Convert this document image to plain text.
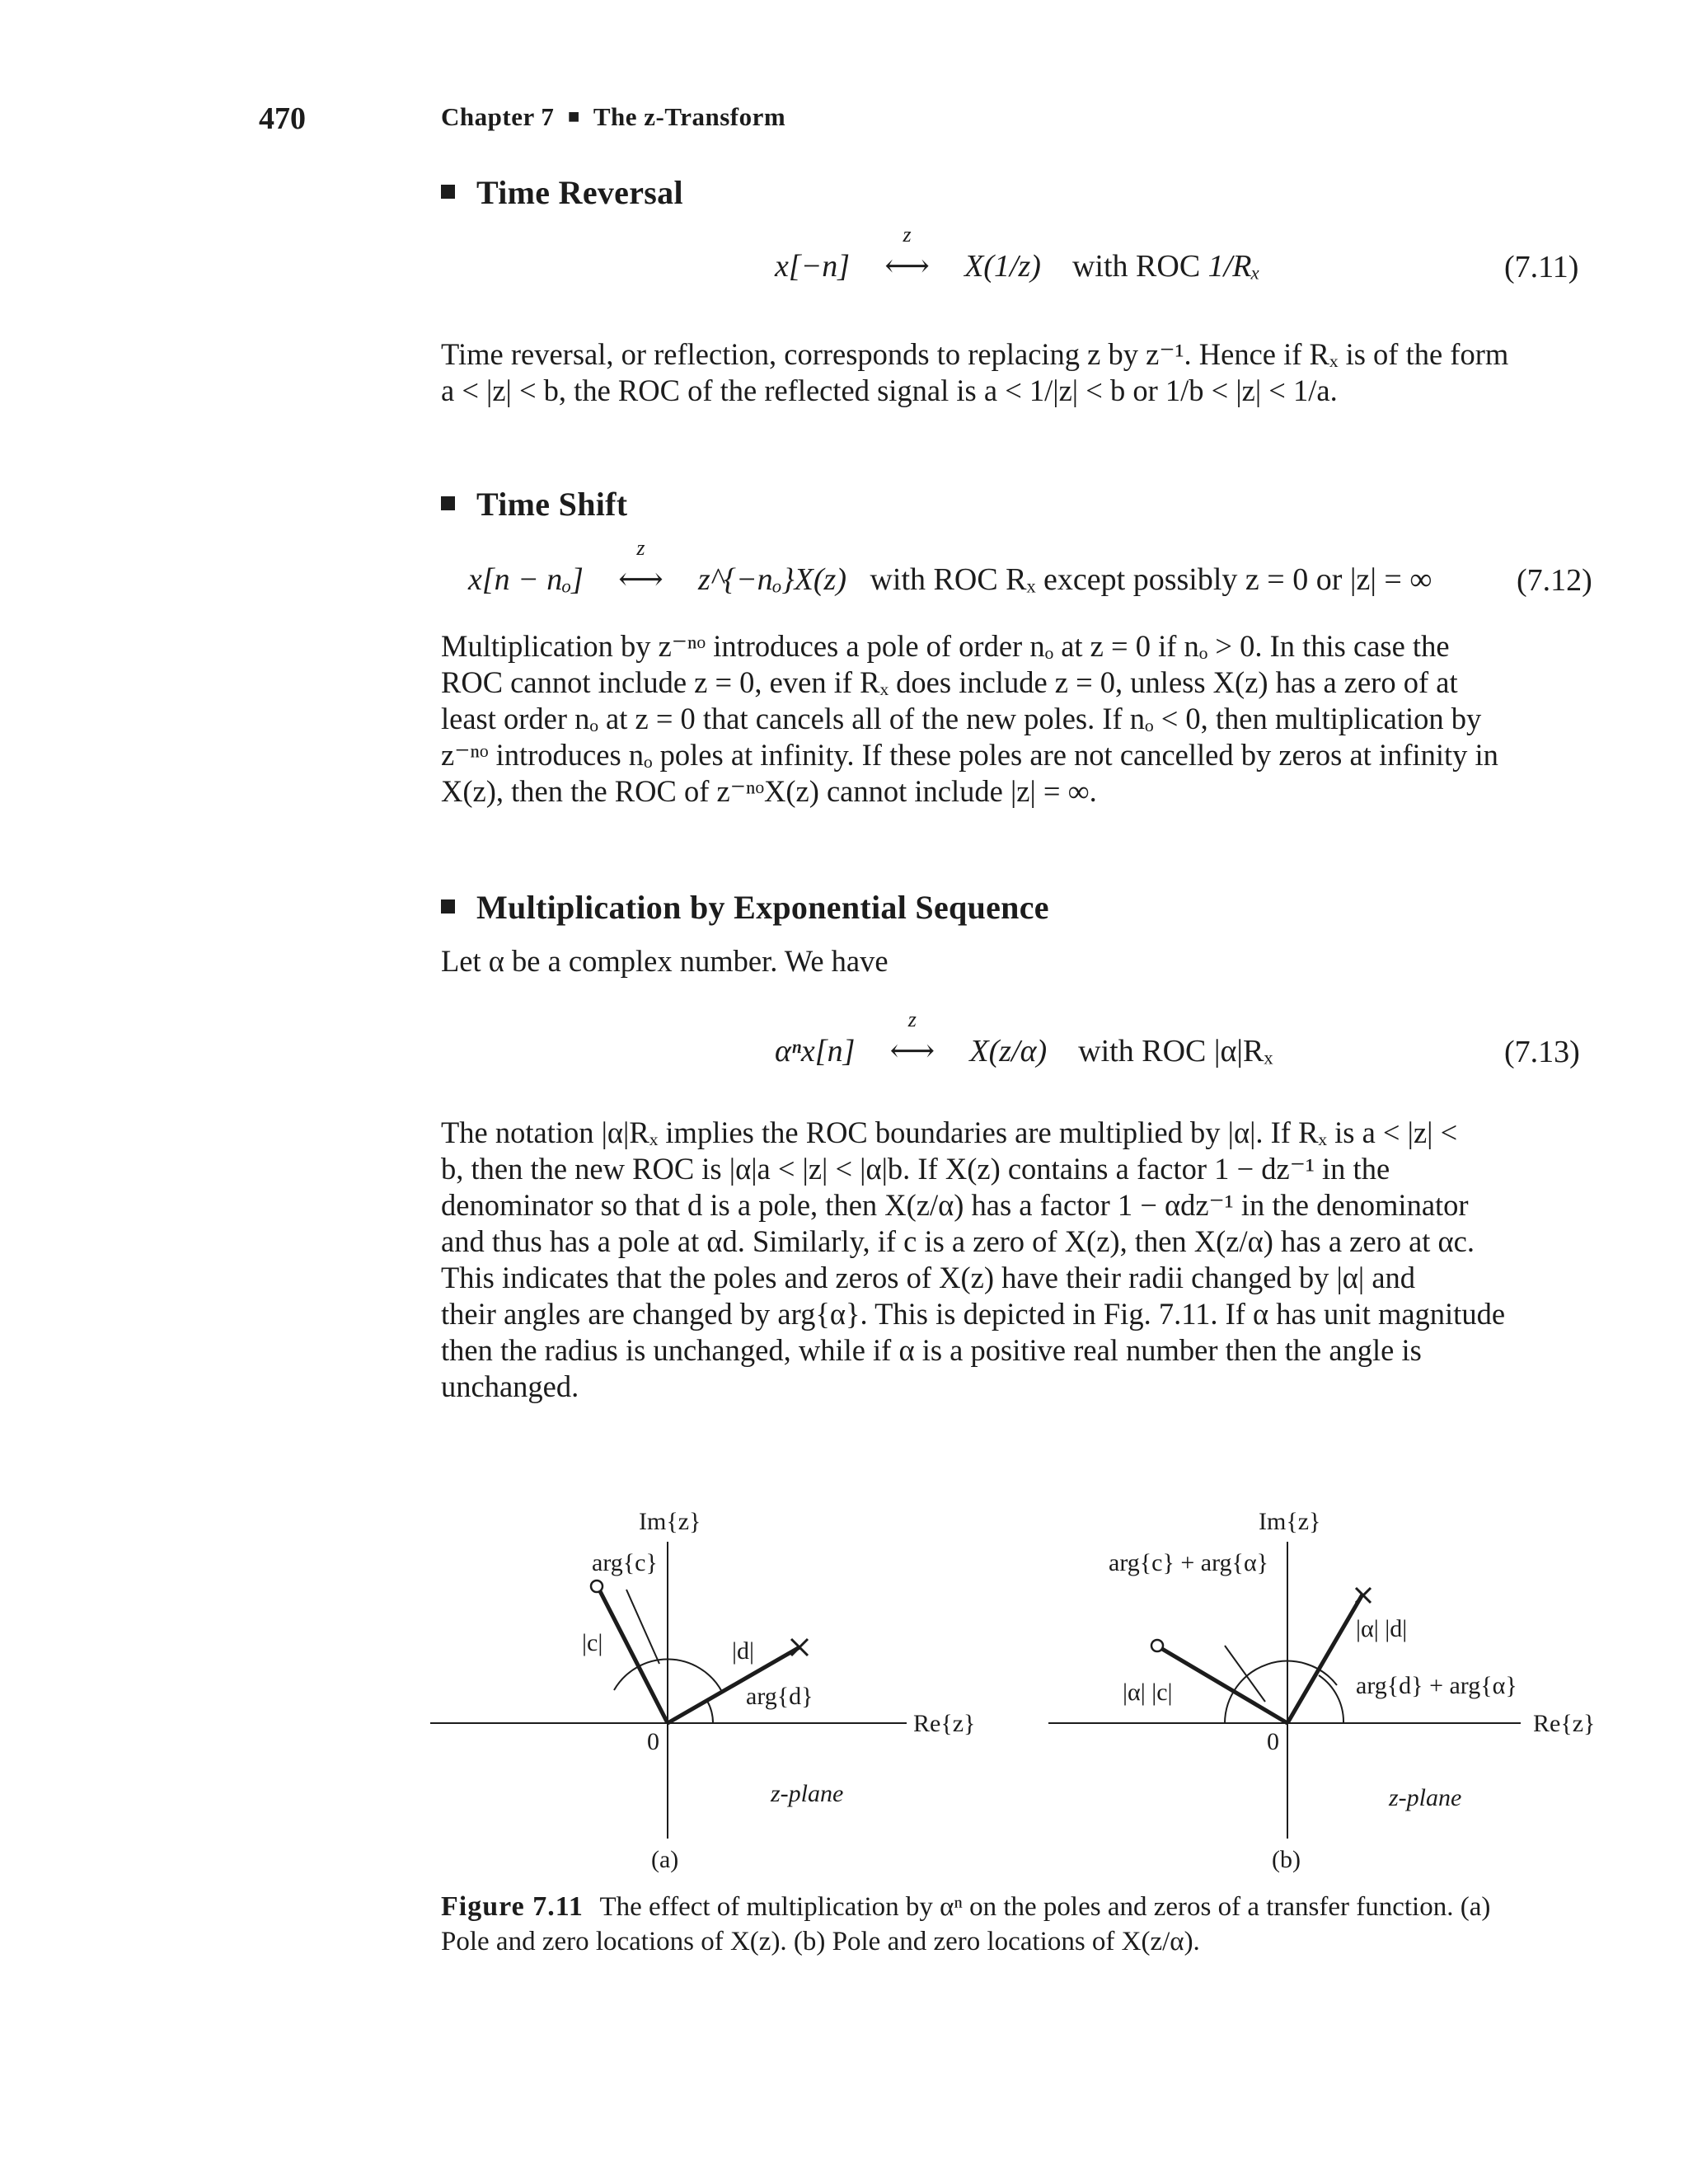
470	Chapter 7 ■ The z-Transform
Time Reversal
x[−n]
z
⟷ X(1/z) with ROC 1/Rₓ	(7.11)
Time reversal, or reflection, corresponds to replacing z by z⁻¹. Hence if Rₓ is of the form
a < |z| < b, the ROC of the reflected signal is a < 1/|z| < b or 1/b < |z| < 1/a.
Time Shift
x[n − nₒ]
z
⟷ z^{−nₒ}X(z) with ROC Rₓ except possibly z = 0 or |z| = ∞	(7.12)
Multiplication by z⁻ⁿᵒ introduces a pole of order nₒ at z = 0 if nₒ > 0. In this case the
ROC cannot include z = 0, even if Rₓ does include z = 0, unless X(z) has a zero of at
least order nₒ at z = 0 that cancels all of the new poles. If nₒ < 0, then multiplication by
z⁻ⁿᵒ introduces nₒ poles at infinity. If these poles are not cancelled by zeros at infinity in
X(z), then the ROC of z⁻ⁿᵒX(z) cannot include |z| = ∞.
Multiplication by Exponential Sequence
Let α be a complex number. We have
αⁿx[n]
z
⟷ X(z/α) with ROC |α|Rₓ	(7.13)
The notation |α|Rₓ implies the ROC boundaries are multiplied by |α|. If Rₓ is a < |z| <
b, then the new ROC is |α|a < |z| < |α|b. If X(z) contains a factor 1 − dz⁻¹ in the
denominator so that d is a pole, then X(z/α) has a factor 1 − αdz⁻¹ in the denominator
and thus has a pole at αd. Similarly, if c is a zero of X(z), then X(z/α) has a zero at αc.
This indicates that the poles and zeros of X(z) have their radii changed by |α| and
their angles are changed by arg{α}. This is depicted in Fig. 7.11. If α has unit magnitude
then the radius is unchanged, while if α is a positive real number then the angle is
unchanged.
Im{z}
arg{c}
|c|	|d|
arg{d}
Re{z}
0
z-plane
(a)
Im{z}
arg{c} + arg{α}
|α| |c|
|α| |d|
arg{d} + arg{α}
Re{z}
0
z-plane
(b)
Figure 7.11 The effect of multiplication by αⁿ on the poles and zeros of a transfer function. (a)
Pole and zero locations of X(z). (b) Pole and zero locations of X(z/α).
